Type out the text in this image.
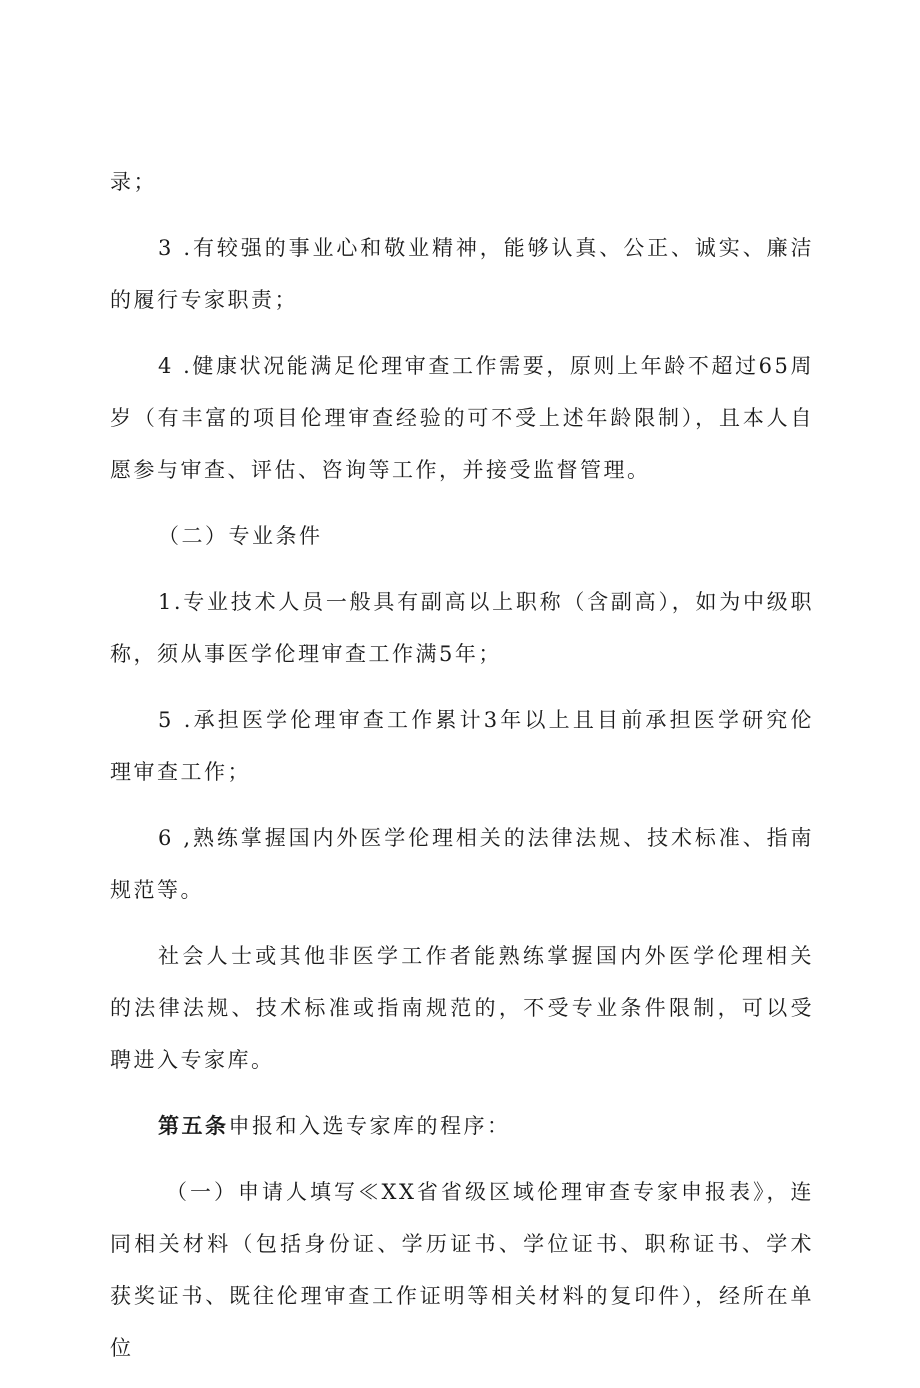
录；

3 .有较强的事业心和敬业精神，能够认真、公正、诚实、廉洁的履行专家职责；

4 .健康状况能满足伦理审查工作需要，原则上年龄不超过65周岁（有丰富的项目伦理审查经验的可不受上述年龄限制），且本人自愿参与审查、评估、咨询等工作，并接受监督管理。

（二）专业条件

1.专业技术人员一般具有副高以上职称（含副高），如为中级职称，须从事医学伦理审查工作满5年；

5 .承担医学伦理审查工作累计3年以上且目前承担医学研究伦理审查工作；

6 ,熟练掌握国内外医学伦理相关的法律法规、技术标准、指南规范等。

社会人士或其他非医学工作者能熟练掌握国内外医学伦理相关的法律法规、技术标准或指南规范的，不受专业条件限制，可以受聘进入专家库。

第五条申报和入选专家库的程序：

（一）申请人填写≪XX省省级区域伦理审查专家申报表》，连同相关材料（包括身份证、学历证书、学位证书、职称证书、学术获奖证书、既往伦理审查工作证明等相关材料的复印件），经所在单位
